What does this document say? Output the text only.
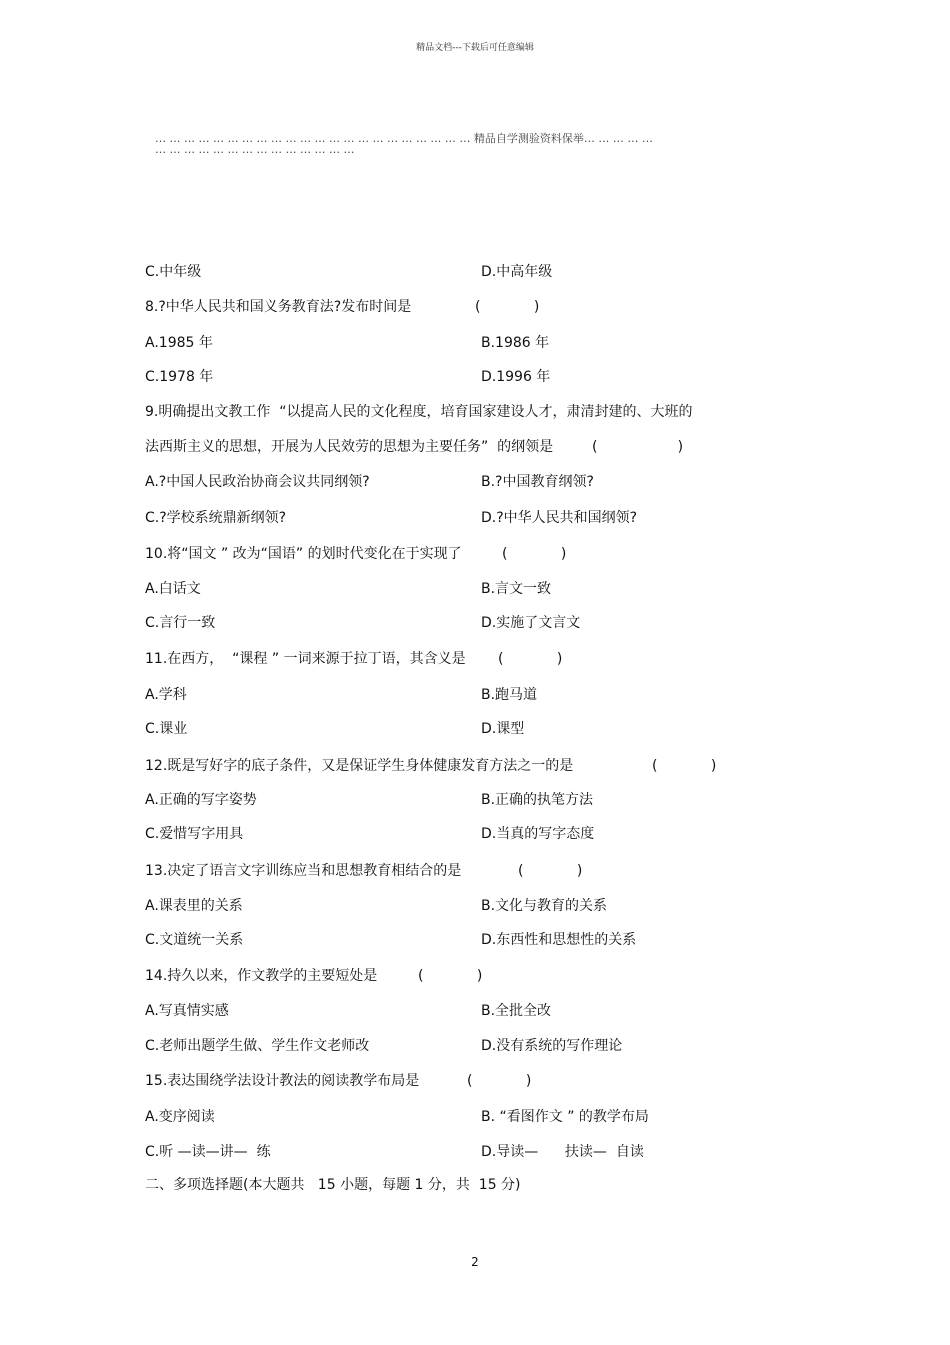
精品文档---下载后可任意编辑
… … … … … … … … … … … … … … … … … … … … … … 精品自学测验资料保举… … … … …
… … … … … … … … … … … … … …
C.中年级	D.中高年级
8.?中华人民共和国义务教育法?发布时间是	(            )
A.1985 年	B.1986 年
C.1978 年	D.1996 年
9.明确提出文教工作  “以提高人民的文化程度，培育国家建设人才，肃清封建的、大班的
法西斯主义的思想，开展为人民效劳的思想为主要任务”  的纲领是	(                  )
A.?中国人民政治协商会议共同纲领?	B.?中国教育纲领?
C.?学校系统鼎新纲领?	D.?中华人民共和国纲领?
10.将“国文 ” 改为“国语” 的划时代变化在于实现了	(            )
A.白话文	B.言文一致
C.言行一致	D.实施了文言文
11.在西方，  “课程 ” 一词来源于拉丁语，其含义是 (            )
A.学科	B.跑马道
C.课业	D.课型
12.既是写好字的底子条件，又是保证学生身体健康发育方法之一的是	(            )
A.正确的写字姿势	B.正确的执笔方法
C.爱惜写字用具	D.当真的写字态度
13.决定了语言文字训练应当和思想教育相结合的是	(            )
A.课表里的关系	B.文化与教育的关系
C.文道统一关系	D.东西性和思想性的关系
14.持久以来，作文教学的主要短处是	(            )
A.写真情实感	B.全批全改
C.老师出题学生做、学生作文老师改	D.没有系统的写作理论
15.表达围绕学法设计教法的阅读教学布局是	(            )
A.变序阅读	B. “看图作文 ” 的教学布局
C.听 —读—讲—  练	D.导读—      扶读—  自读
二、多项选择题(本大题共   15 小题，每题 1 分，共  15 分)
2
